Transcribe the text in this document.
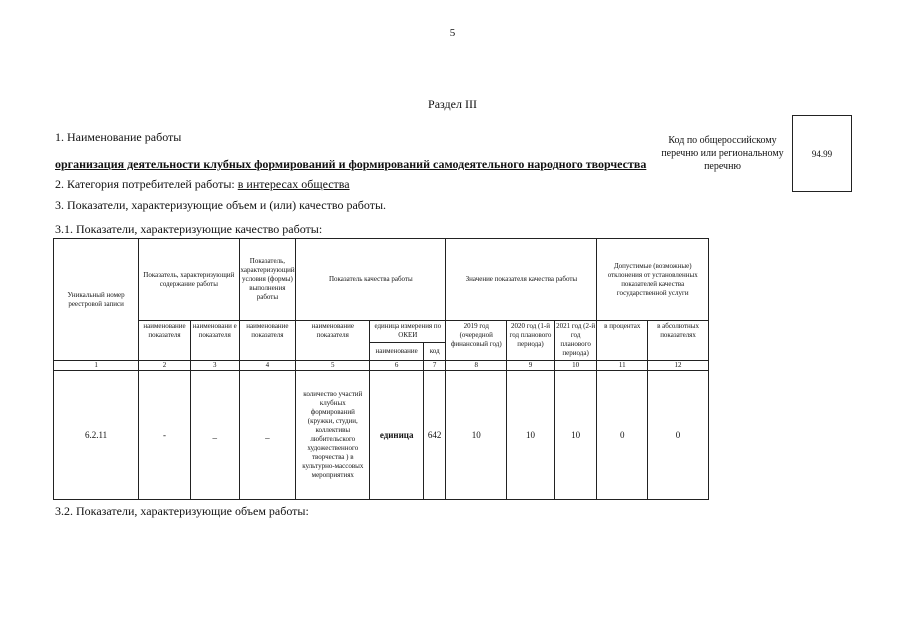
5
Раздел III
1. Наименование работы
организация деятельности клубных формирований и формирований самодеятельного народного творчества
Код по общероссийскому перечню или региональному перечню
94.99
2. Категория потребителей работы: в интересах общества
3. Показатели, характеризующие объем и (или) качество работы.
3.1. Показатели, характеризующие качество работы:
Уникальный номер реестровой записи	Показатель, характеризующий содержание работы		Показатель, характеризующий условия (формы) выполнения работы	Показатель качества работы			Значение показателя качества работы			Допустимые (возможные) отклонения от установленных показателей качества государственной услуги	
	наименование показателя	наименовани е показателя	наименование показателя	наименование показателя	единица измерения по ОКЕИ		2019 год (очередной финансовый год)	2020 год (1-й год планового периода)	2021 год (2-й год планового периода)	в процентах	в абсолютных показателях
					наименование	код					
1	2	3	4	5	6	7	8	9	10	11	12
6.2.11	-	_	_	количество участий клубных формирований (кружки, студии, коллективы любительского художественного творчества ) в культурно-массовых мероприятиях	единица	642	10	10	10	0	0
3.2. Показатели, характеризующие объем работы:
